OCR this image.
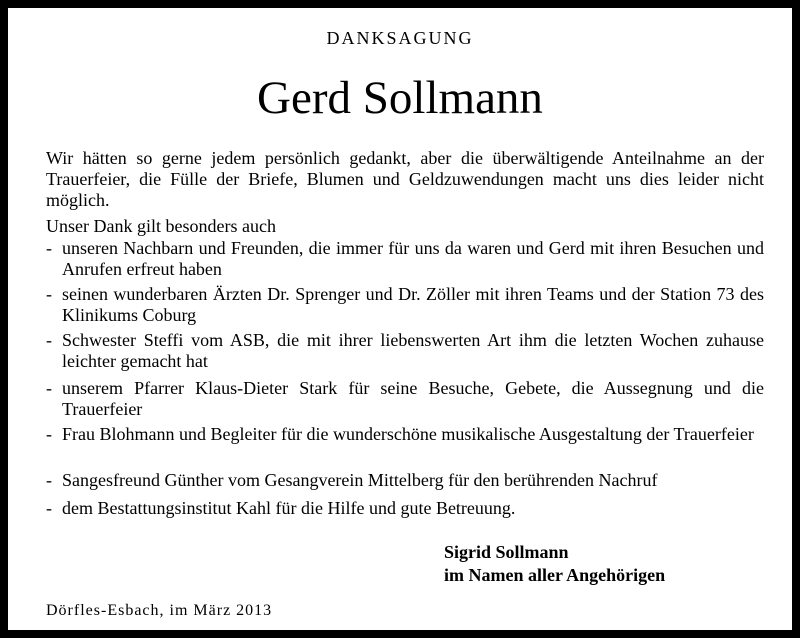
DANKSAGUNG
Gerd Sollmann
Wir hätten so gerne jedem persönlich gedankt, aber die überwältigende Anteilnahme an der Trauerfeier, die Fülle der Briefe, Blumen und Geldzuwendungen macht uns dies leider nicht möglich.
Unser Dank gilt besonders auch
- unseren Nachbarn und Freunden, die immer für uns da waren und Gerd mit ihren Besuchen und Anrufen erfreut haben
- seinen wunderbaren Ärzten Dr. Sprenger und Dr. Zöller mit ihren Teams und der Station 73 des Klinikums Coburg
- Schwester Steffi vom ASB, die mit ihrer liebenswerten Art ihm die letzten Wochen zuhause leichter gemacht hat
- unserem Pfarrer Klaus-Dieter Stark für seine Besuche, Gebete, die Aussegnung und die Trauerfeier
- Frau Blohmann und Begleiter für die wunderschöne musikalische Ausgestaltung der Trauerfeier
- Sangesfreund Günther vom Gesangverein Mittelberg für den berührenden Nachruf
- dem Bestattungsinstitut Kahl für die Hilfe und gute Betreuung.
Sigrid Sollmann
im Namen aller Angehörigen
Dörfles-Esbach, im März 2013
